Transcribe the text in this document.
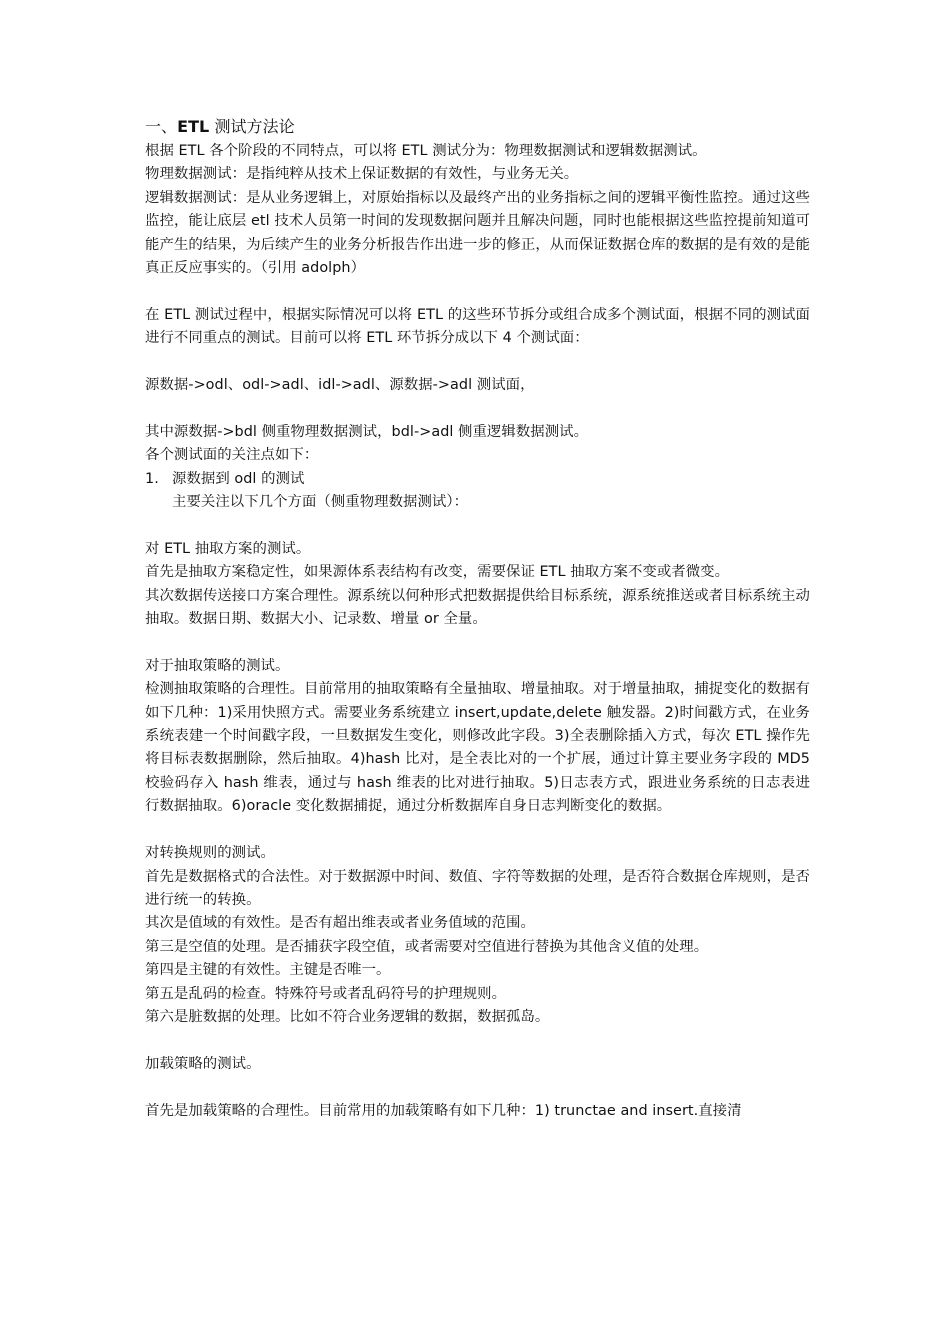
一、ETL 测试方法论

根据 ETL 各个阶段的不同特点，可以将 ETL 测试分为：物理数据测试和逻辑数据测试。

物理数据测试：是指纯粹从技术上保证数据的有效性，与业务无关。

逻辑数据测试：是从业务逻辑上，对原始指标以及最终产出的业务指标之间的逻辑平衡性监控。通过这些监控，能让底层 etl 技术人员第一时间的发现数据问题并且解决问题，同时也能根据这些监控提前知道可能产生的结果，为后续产生的业务分析报告作出进一步的修正，从而保证数据仓库的数据的是有效的是能真正反应事实的。（引用 adolph）

在 ETL 测试过程中，根据实际情况可以将 ETL 的这些环节拆分或组合成多个测试面，根据不同的测试面进行不同重点的测试。目前可以将 ETL 环节拆分成以下 4 个测试面：

源数据->odl、odl->adl、idl->adl、源数据->adl 测试面，

其中源数据->bdl 侧重物理数据测试，bdl->adl 侧重逻辑数据测试。

各个测试面的关注点如下：

1. 源数据到 odl 的测试

主要关注以下几个方面（侧重物理数据测试）：

对 ETL 抽取方案的测试。

首先是抽取方案稳定性，如果源体系表结构有改变，需要保证 ETL 抽取方案不变或者微变。

其次数据传送接口方案合理性。源系统以何种形式把数据提供给目标系统，源系统推送或者目标系统主动抽取。数据日期、数据大小、记录数、增量 or 全量。

对于抽取策略的测试。

检测抽取策略的合理性。目前常用的抽取策略有全量抽取、增量抽取。对于增量抽取，捕捉变化的数据有如下几种：1)采用快照方式。需要业务系统建立 insert,update,delete 触发器。2)时间戳方式，在业务系统表建一个时间戳字段，一旦数据发生变化，则修改此字段。3)全表删除插入方式，每次 ETL 操作先将目标表数据删除，然后抽取。4)hash 比对，是全表比对的一个扩展，通过计算主要业务字段的 MD5 校验码存入 hash 维表，通过与 hash 维表的比对进行抽取。5)日志表方式，跟进业务系统的日志表进行数据抽取。6)oracle 变化数据捕捉，通过分析数据库自身日志判断变化的数据。

对转换规则的测试。

首先是数据格式的合法性。对于数据源中时间、数值、字符等数据的处理，是否符合数据仓库规则，是否进行统一的转换。

其次是值域的有效性。是否有超出维表或者业务值域的范围。

第三是空值的处理。是否捕获字段空值，或者需要对空值进行替换为其他含义值的处理。

第四是主键的有效性。主键是否唯一。

第五是乱码的检查。特殊符号或者乱码符号的护理规则。

第六是脏数据的处理。比如不符合业务逻辑的数据，数据孤岛。

加载策略的测试。

首先是加载策略的合理性。目前常用的加载策略有如下几种：1) trunctae and insert.直接清
